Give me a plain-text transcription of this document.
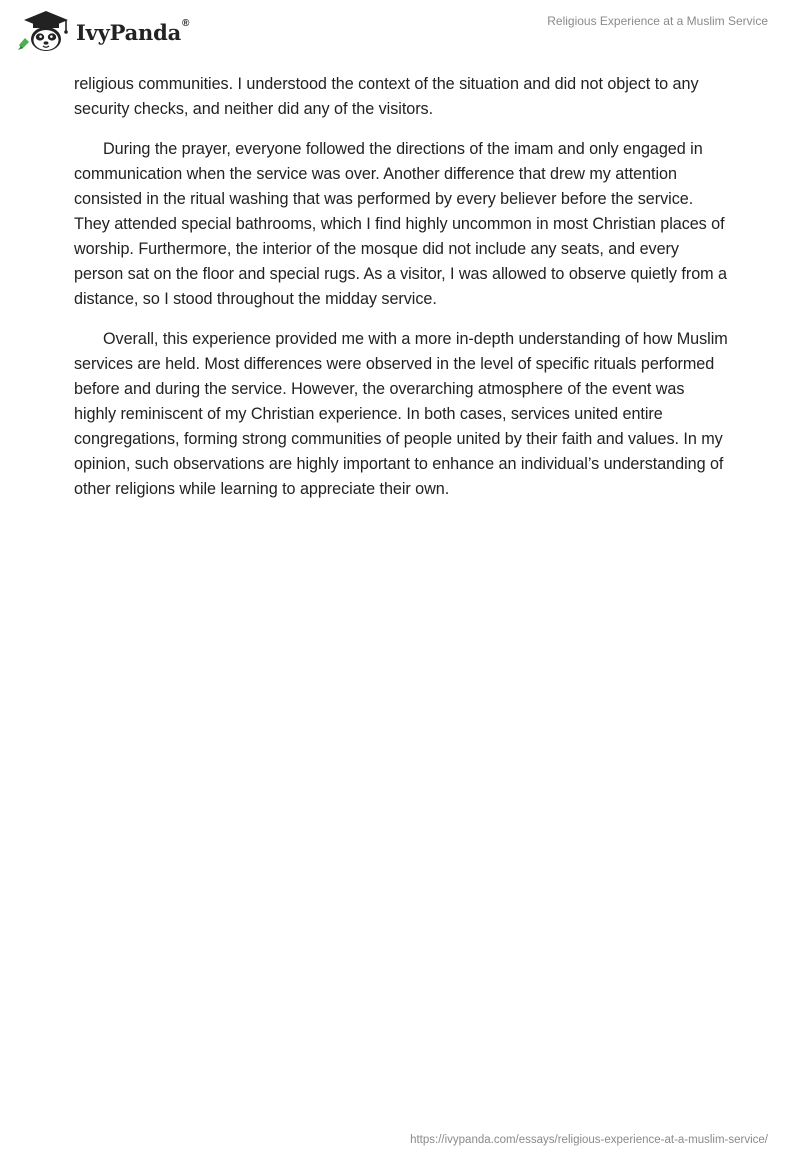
IvyPanda®	Religious Experience at a Muslim Service

religious communities. I understood the context of the situation and did not object to any security checks, and neither did any of the visitors.

During the prayer, everyone followed the directions of the imam and only engaged in communication when the service was over. Another difference that drew my attention consisted in the ritual washing that was performed by every believer before the service. They attended special bathrooms, which I find highly uncommon in most Christian places of worship. Furthermore, the interior of the mosque did not include any seats, and every person sat on the floor and special rugs. As a visitor, I was allowed to observe quietly from a distance, so I stood throughout the midday service.

Overall, this experience provided me with a more in-depth understanding of how Muslim services are held. Most differences were observed in the level of specific rituals performed before and during the service. However, the overarching atmosphere of the event was highly reminiscent of my Christian experience. In both cases, services united entire congregations, forming strong communities of people united by their faith and values. In my opinion, such observations are highly important to enhance an individual’s understanding of other religions while learning to appreciate their own.

https://ivypanda.com/essays/religious-experience-at-a-muslim-service/
